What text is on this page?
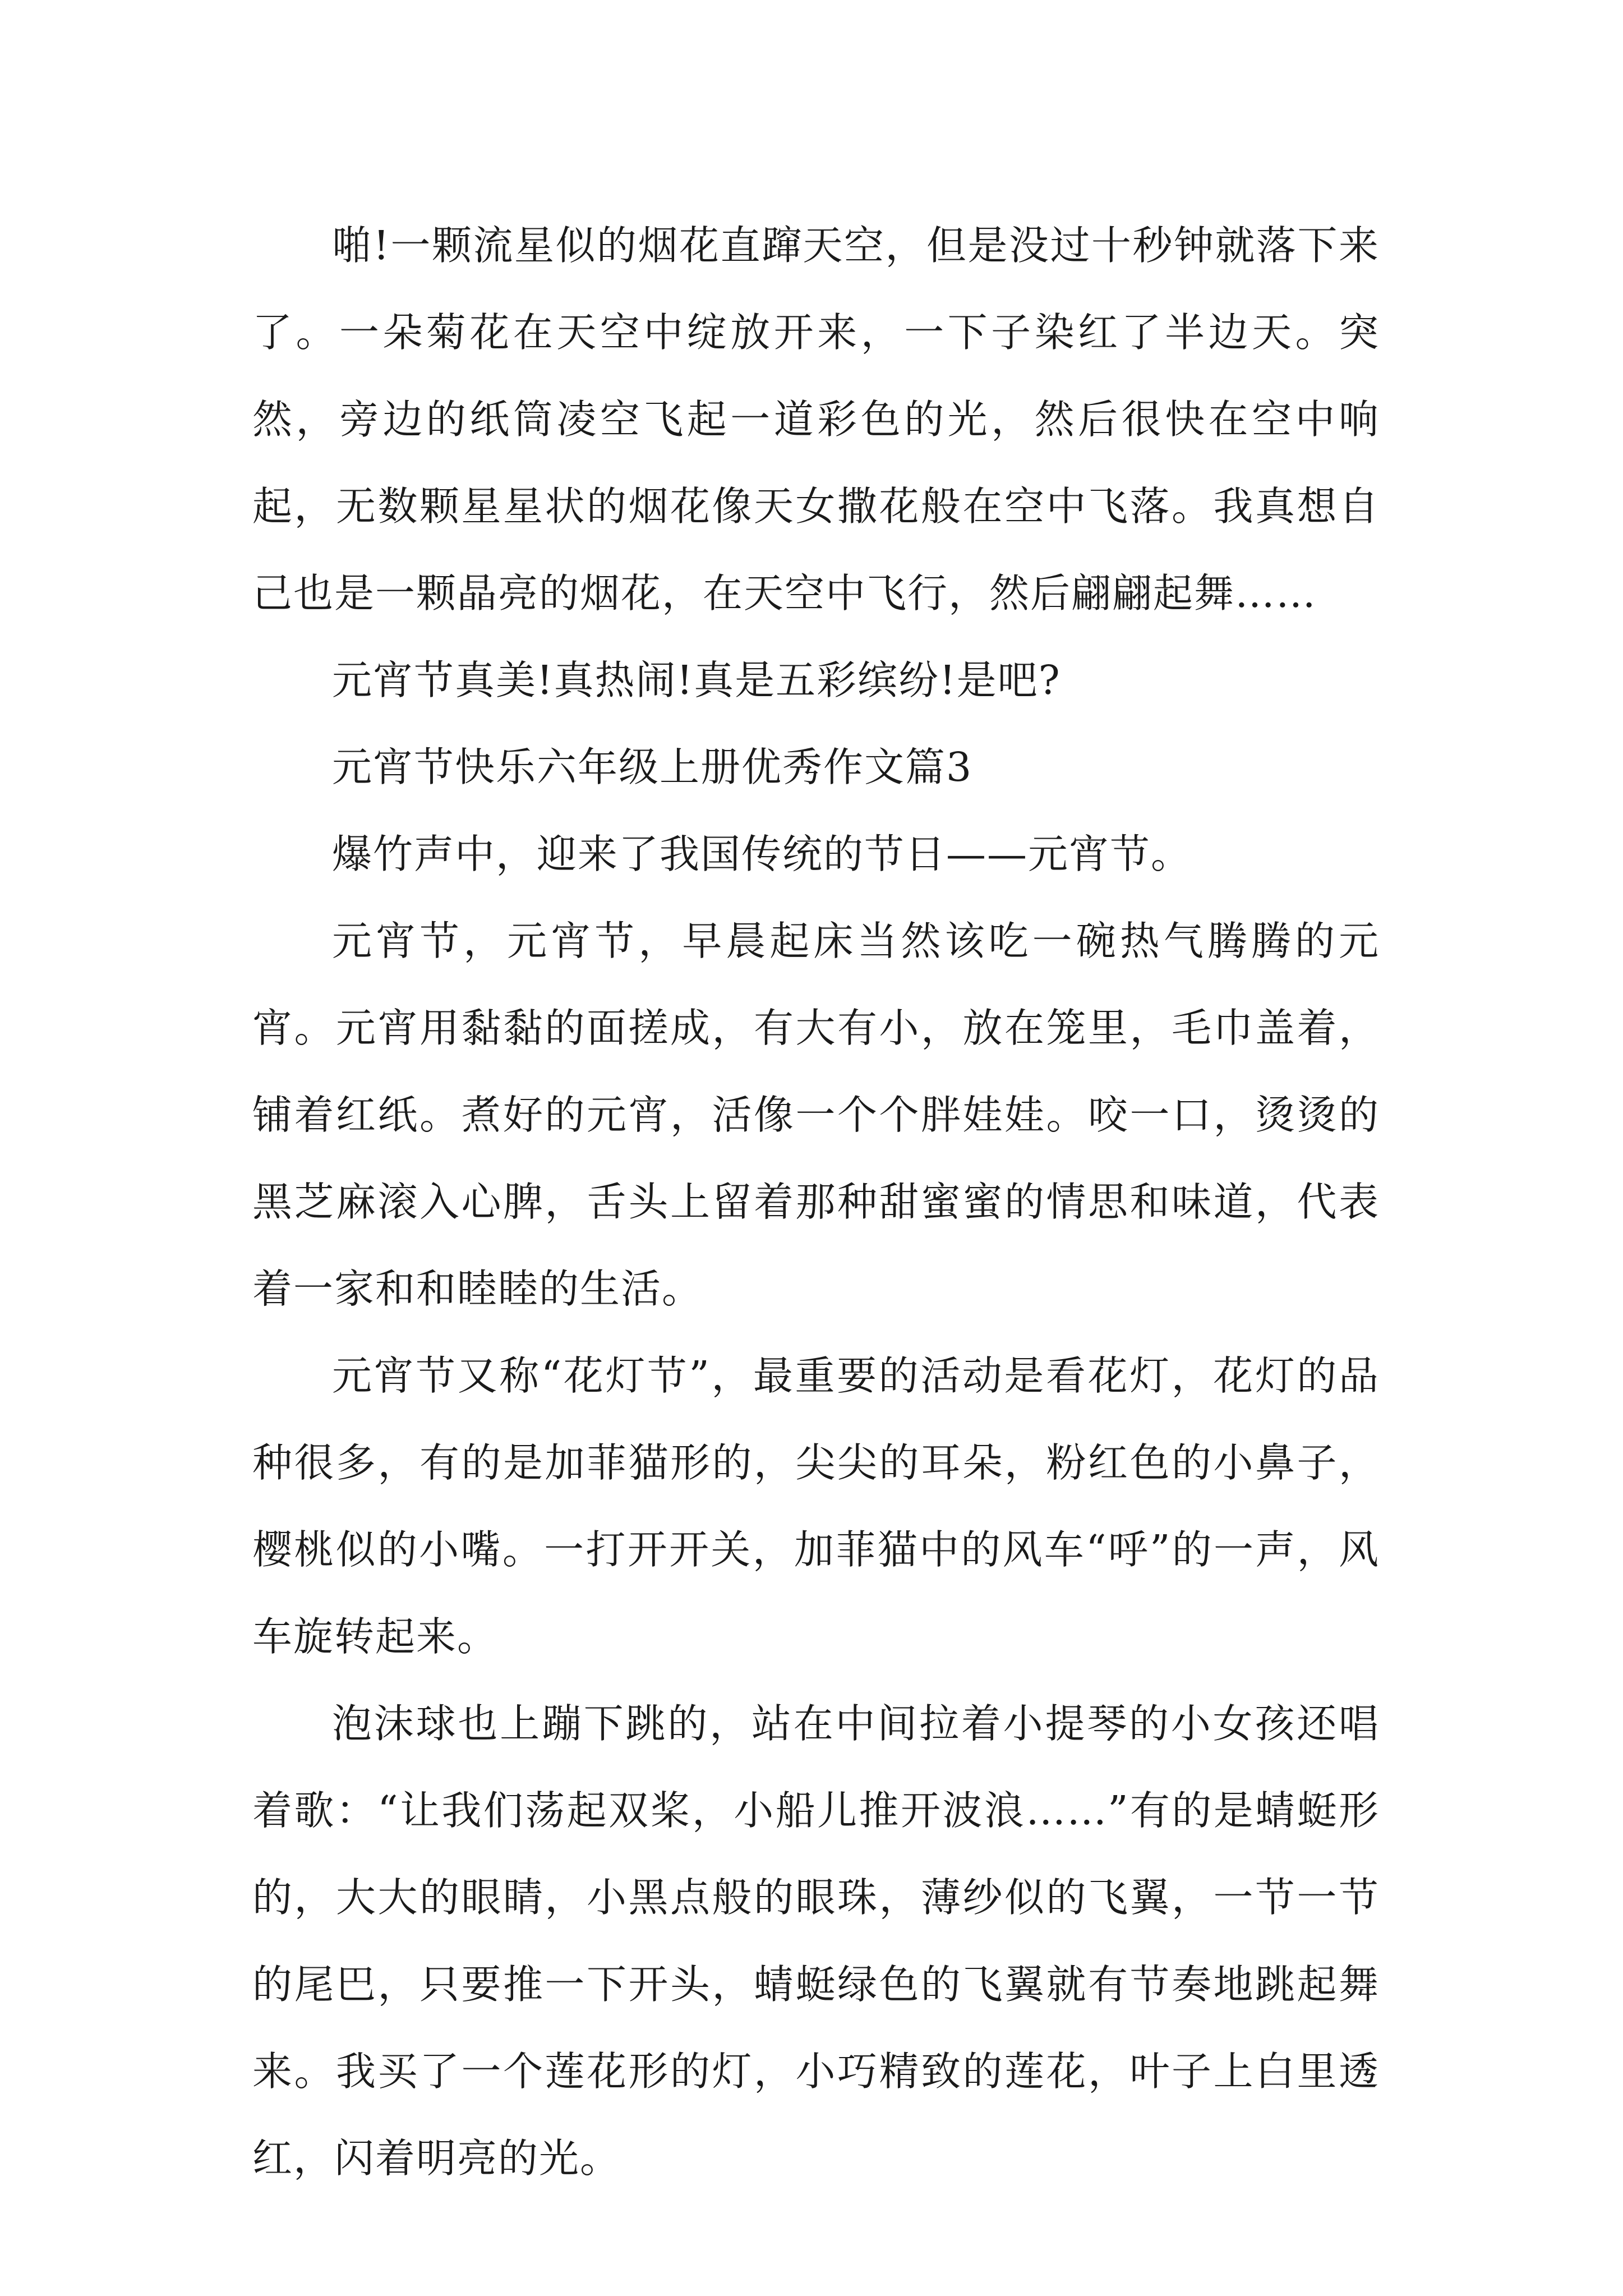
啪!一颗流星似的烟花直蹿天空，但是没过十秒钟就落下来了。一朵菊花在天空中绽放开来，一下子染红了半边天。突然，旁边的纸筒凌空飞起一道彩色的光，然后很快在空中响起，无数颗星星状的烟花像天女撒花般在空中飞落。我真想自己也是一颗晶亮的烟花，在天空中飞行，然后翩翩起舞……

元宵节真美!真热闹!真是五彩缤纷!是吧?

元宵节快乐六年级上册优秀作文篇3

爆竹声中，迎来了我国传统的节日——元宵节。

元宵节，元宵节，早晨起床当然该吃一碗热气腾腾的元宵。元宵用黏黏的面搓成，有大有小，放在笼里，毛巾盖着，铺着红纸。煮好的元宵，活像一个个胖娃娃。咬一口，烫烫的黑芝麻滚入心脾，舌头上留着那种甜蜜蜜的情思和味道，代表着一家和和睦睦的生活。

元宵节又称“花灯节”，最重要的活动是看花灯，花灯的品种很多，有的是加菲猫形的，尖尖的耳朵，粉红色的小鼻子，樱桃似的小嘴。一打开开关，加菲猫中的风车“呼”的一声，风车旋转起来。

泡沫球也上蹦下跳的，站在中间拉着小提琴的小女孩还唱着歌：“让我们荡起双桨，小船儿推开波浪……”有的是蜻蜓形的，大大的眼睛，小黑点般的眼珠，薄纱似的飞翼，一节一节的尾巴，只要推一下开头，蜻蜓绿色的飞翼就有节奏地跳起舞来。我买了一个莲花形的灯，小巧精致的莲花，叶子上白里透红，闪着明亮的光。
